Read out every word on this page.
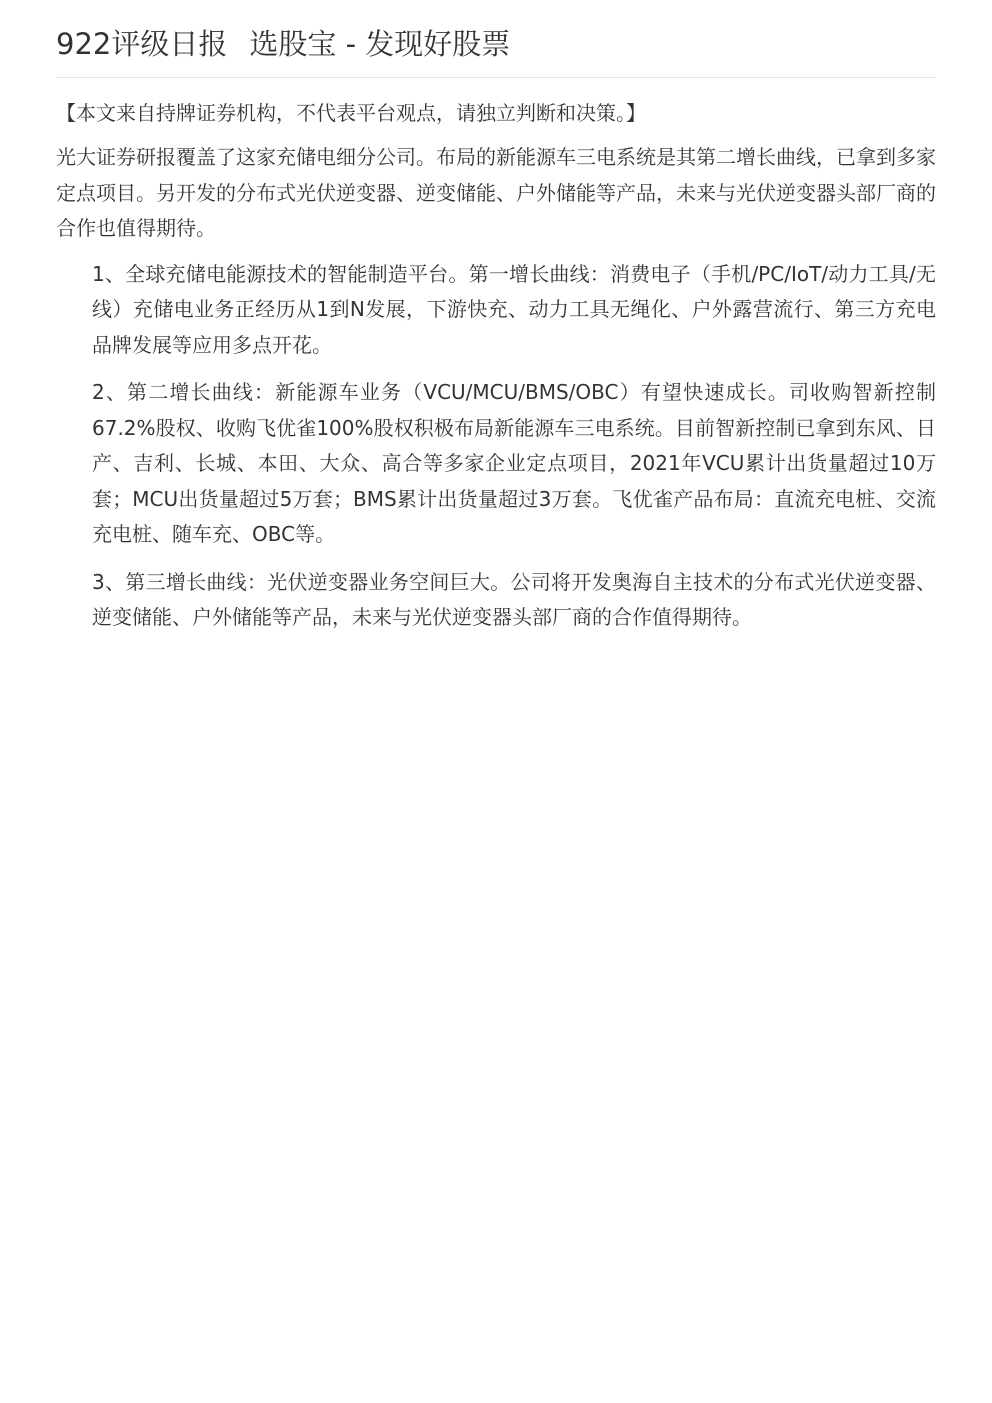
922评级日报 选股宝 - 发现好股票

【本文来自持牌证券机构，不代表平台观点，请独立判断和决策。】

光大证券研报覆盖了这家充储电细分公司。布局的新能源车三电系统是其第二增长曲线，已拿到多家定点项目。另开发的分布式光伏逆变器、逆变储能、户外储能等产品，未来与光伏逆变器头部厂商的合作也值得期待。

1、全球充储电能源技术的智能制造平台。第一增长曲线：消费电子（手机/PC/IoT/动力工具/无线）充储电业务正经历从1到N发展，下游快充、动力工具无绳化、户外露营流行、第三方充电品牌发展等应用多点开花。
2、第二增长曲线：新能源车业务（VCU/MCU/BMS/OBC）有望快速成长。司收购智新控制67.2%股权、收购飞优雀100%股权积极布局新能源车三电系统。目前智新控制已拿到东风、日产、吉利、长城、本田、大众、高合等多家企业定点项目，2021年VCU累计出货量超过10万套；MCU出货量超过5万套；BMS累计出货量超过3万套。飞优雀产品布局：直流充电桩、交流充电桩、随车充、OBC等。
3、第三增长曲线：光伏逆变器业务空间巨大。公司将开发奥海自主技术的分布式光伏逆变器、逆变储能、户外储能等产品，未来与光伏逆变器头部厂商的合作值得期待。
